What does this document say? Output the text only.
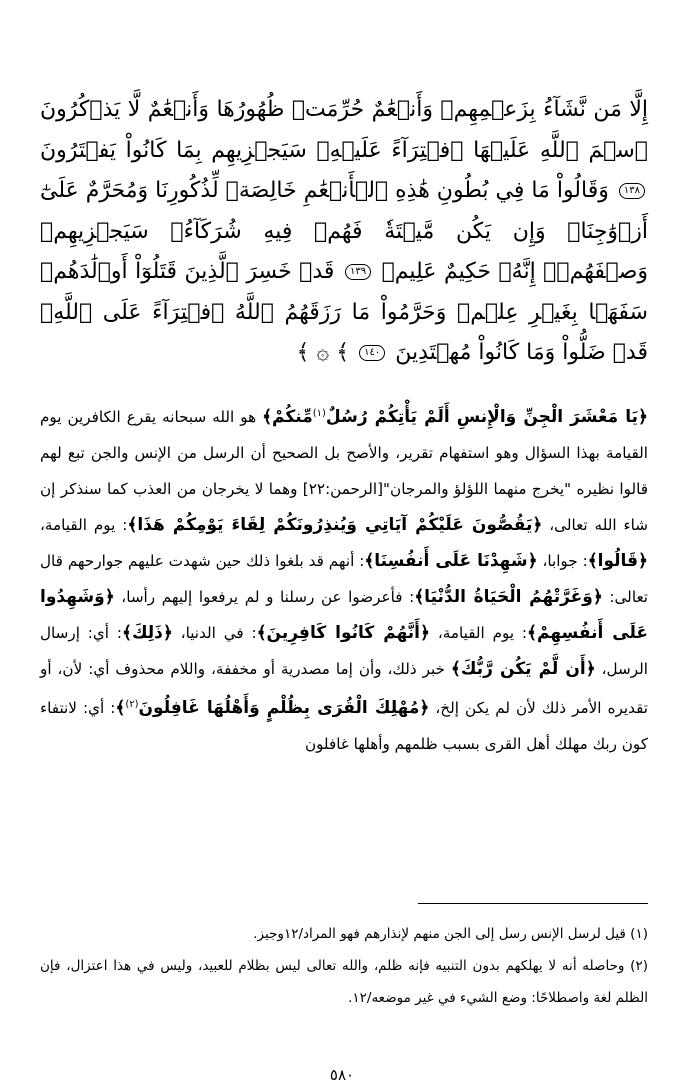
إِلَّا مَن نَّشَآءُ بِزَعۡمِهِمۡ وَأَنۡعَٰمٌ حُرِّمَتۡ ظُهُورُهَا وَأَنۡعَٰمٌ لَّا يَذۡكُرُونَ ٱسۡمَ ٱللَّهِ عَلَيۡهَا ٱفۡتِرَآءً عَلَيۡهِۚ سَيَجۡزِيهِم بِمَا كَانُواْ يَفۡتَرُونَ ١٣٨ وَقَالُواْ مَا فِي بُطُونِ هَٰذِهِ ٱلۡأَنۡعَٰمِ خَالِصَةٞ لِّذُكُورِنَا وَمُحَرَّمٌ عَلَىٰٓ أَزۡوَٰجِنَاۖ وَإِن يَكُن مَّيۡتَةٗ فَهُمۡ فِيهِ شُرَكَآءُۚ سَيَجۡزِيهِمۡ وَصۡفَهُمۡۚ إِنَّهُۥ حَكِيمٌ عَلِيمٞ ١٣٩ قَدۡ خَسِرَ ٱلَّذِينَ قَتَلُوٓاْ أَوۡلَٰدَهُمۡ سَفَهَۢا بِغَيۡرِ عِلۡمٖ وَحَرَّمُواْ مَا رَزَقَهُمُ ٱللَّهُ ٱفۡتِرَآءً عَلَى ٱللَّهِۚ قَدۡ ضَلُّواْ وَمَا كَانُواْ مُهۡتَدِينَ ١٤٠ ﴾ ۞ ﴾

﴿يَا مَعْشَرَ الْجِنِّ وَالْإِنسِ أَلَمْ يَأْتِكُمْ رُسُلٌ$^{(١)}$مِّنكُمْ﴾ هو الله سبحانه يقرع الكافرين يوم القيامة بهذا السؤال وهو استفهام تقرير، والأصح بل الصحيح أن الرسل من الإنس والجن تبع لهم قالوا نظيره "يخرج منهما اللؤلؤ والمرجان"[الرحمن:٢٢] وهما لا يخرجان من العذب كما سنذكر إن شاء الله تعالى، ﴿يَقُصُّونَ عَلَيْكُمْ آيَاتِي وَيُنذِرُونَكُمْ لِقَاءَ يَوْمِكُمْ هَذَا﴾: يوم القيامة، ﴿قَالُوا﴾: جوابا، ﴿شَهِدْنَا عَلَى أَنفُسِنَا﴾: أنهم قد بلغوا ذلك حين شهدت عليهم جوارحهم قال تعالى: ﴿وَغَرَّتْهُمُ الْحَيَاةُ الدُّنْيَا﴾: فأعرضوا عن رسلنا و لم يرفعوا إليهم رأسا، ﴿وَشَهِدُوا عَلَى أَنفُسِهِمْ﴾: يوم القيامة، ﴿أَنَّهُمْ كَانُوا كَافِرِينَ﴾: في الدنيا، ﴿ذَلِكَ﴾: أي: إرسال الرسل، ﴿أَن لَّمْ يَكُن رَّبُّكَ﴾ خبر ذلك، وأن إما مصدرية أو مخففة، واللام محذوف أي: لأن، أو تقديره الأمر ذلك لأن لم يكن إلخ، ﴿مُهْلِكَ الْقُرَى بِظُلْمٍ وَأَهْلُهَا غَافِلُونَ$^{(٢)}$﴾: أي: لانتفاء كون ربك مهلك أهل القرى بسبب ظلمهم وأهلها غافلون

(١) قيل لرسل الإنس رسل إلى الجن منهم لإنذارهم فهو المراد/١٢وجيز.

(٢) وحاصله أنه لا يهلكهم بدون التنبيه فإنه ظلم، والله تعالى ليس بظلام للعبيد، وليس في هذا اعتزال، فإن الظلم لغة واصطلاحًا: وضع الشيء في غير موضعه/١٢.

٥٨٠
